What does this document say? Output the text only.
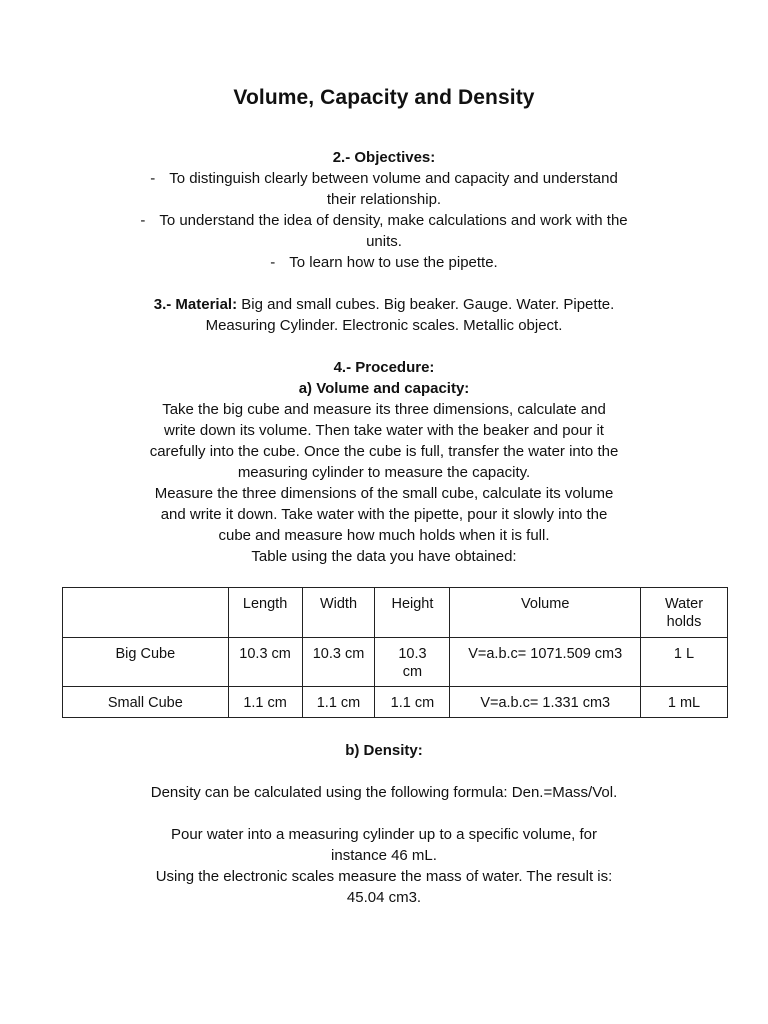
Volume, Capacity and Density
2.- Objectives:
- To distinguish clearly between volume and capacity and understand
their relationship.
- To understand the idea of density, make calculations and work with the
units.
- To learn how to use the pipette.
3.- Material: Big and small cubes. Big beaker. Gauge. Water. Pipette.
Measuring Cylinder. Electronic scales. Metallic object.
4.- Procedure:
a) Volume and capacity:
Take the big cube and measure its three dimensions, calculate and
write down its volume. Then take water with the beaker and pour it
carefully into the cube. Once the cube is full, transfer the water into the
measuring cylinder to measure the capacity.
Measure the three dimensions of the small cube, calculate its volume
and write it down. Take water with the pipette, pour it slowly into the
cube and measure how much holds when it is full.
Table using the data you have obtained:
	Length	Width	Height	Volume	Water holds
Big Cube	10.3 cm	10.3 cm	10.3 cm	V=a.b.c= 1071.509 cm3	1 L
Small Cube	1.1 cm	1.1 cm	1.1 cm	V=a.b.c= 1.331 cm3	1 mL
b) Density:
Density can be calculated using the following formula: Den.=Mass/Vol.
Pour water into a measuring cylinder up to a specific volume, for
instance 46 mL.
Using the electronic scales measure the mass of water. The result is:
45.04 cm3.
